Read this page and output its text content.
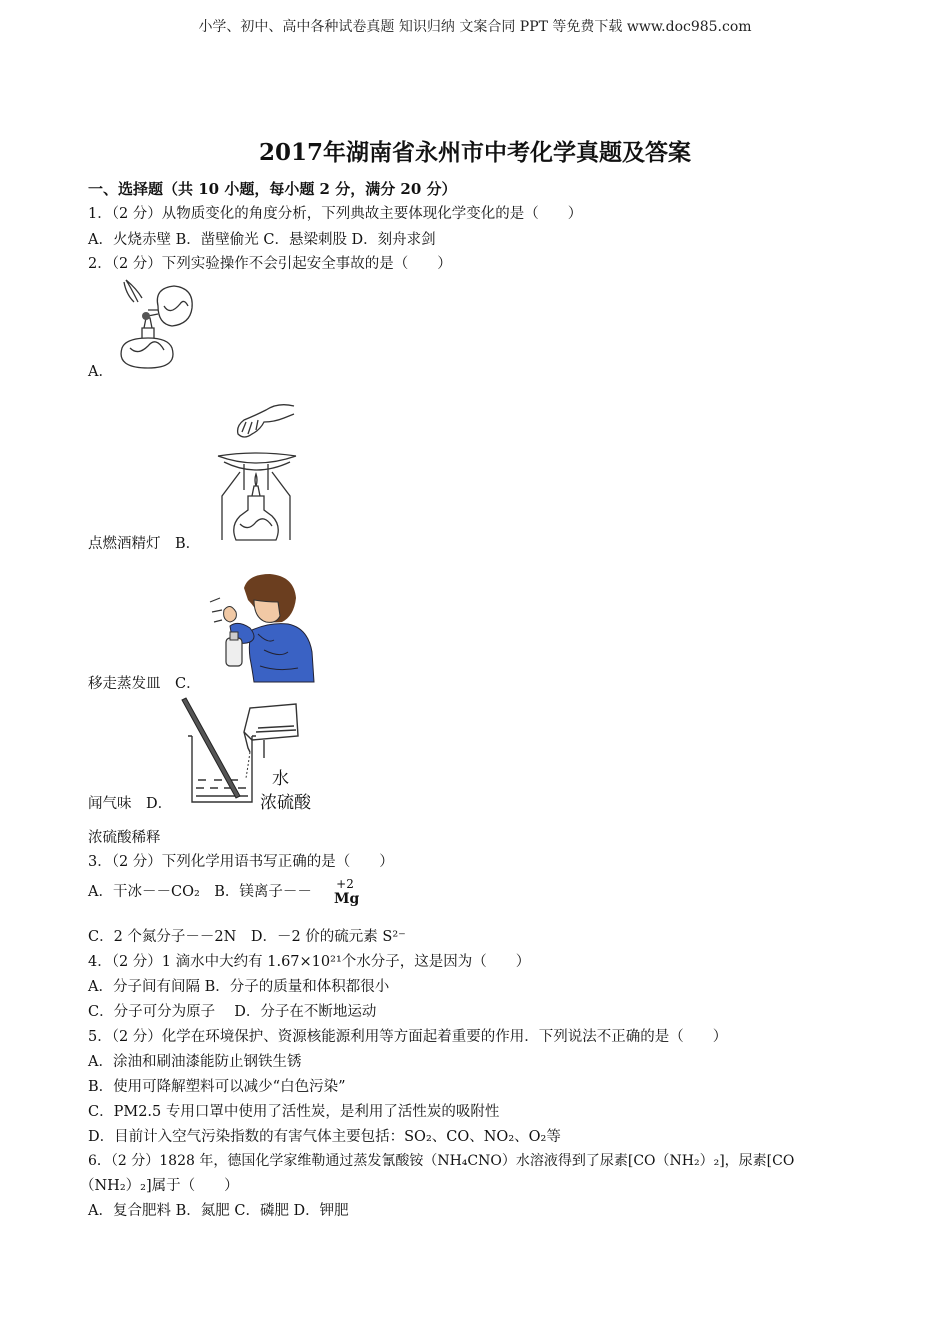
小学、初中、高中各种试卷真题 知识归纳 文案合同 PPT 等免费下载 www.doc985.com
2017年湖南省永州市中考化学真题及答案
一、选择题（共 10 小题，每小题 2 分，满分 20 分）
1．（2 分）从物质变化的角度分析，下列典故主要体现化学变化的是（　　）
A．火烧赤壁 B．凿壁偷光 C．悬梁刺股 D．刻舟求剑
2．（2 分）下列实验操作不会引起安全事故的是（　　）
A．
点燃酒精灯　B．
移走蒸发皿　C．
水
浓硫酸
闻气味　D．
浓硫酸稀释
3．（2 分）下列化学用语书写正确的是（　　）
A．干冰－－CO₂　B．镁离子－－ +2
Mg
C．2 个氮分子－－2N　D．－2 价的硫元素 S²⁻
4．（2 分）1 滴水中大约有 1.67×10²¹个水分子，这是因为（　　）
A．分子间有间隔 B．分子的质量和体积都很小
C．分子可分为原子　 D．分子在不断地运动
5．（2 分）化学在环境保护、资源核能源利用等方面起着重要的作用．下列说法不正确的是（　　）
A．涂油和刷油漆能防止钢铁生锈
B．使用可降解塑料可以减少“白色污染”
C．PM2.5 专用口罩中使用了活性炭，是利用了活性炭的吸附性
D．目前计入空气污染指数的有害气体主要包括：SO₂、CO、NO₂、O₂等
6．（2 分）1828 年，德国化学家维勒通过蒸发氰酸铵（NH₄CNO）水溶液得到了尿素[CO（NH₂）₂]，尿素[CO
（NH₂）₂]属于（　　）
A．复合肥料 B．氮肥 C．磷肥 D．钾肥
